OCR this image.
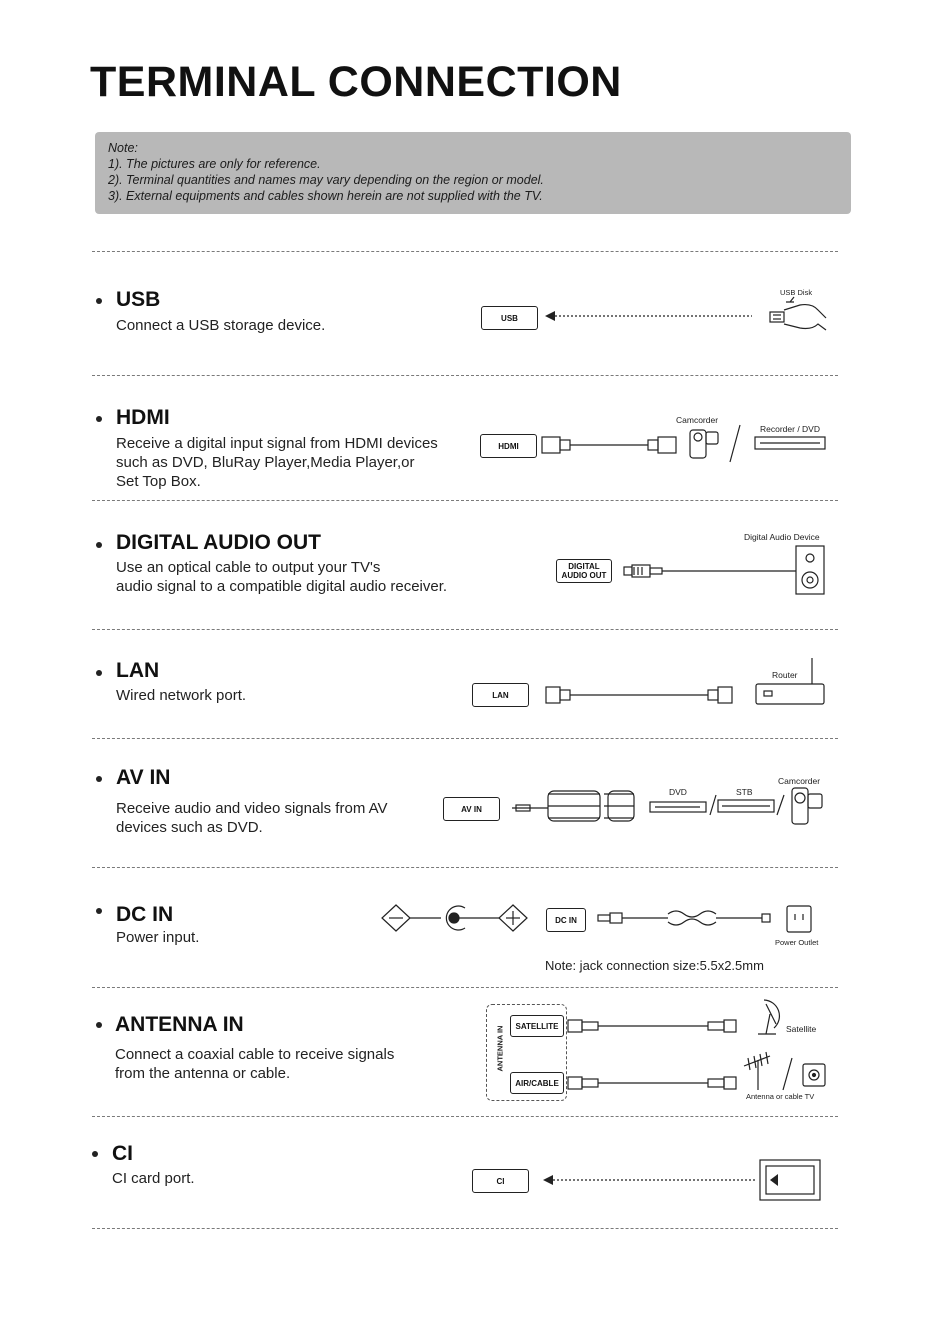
TERMINAL CONNECTION
Note:
1). The pictures are only for reference.
2). Terminal quantities and names may vary depending on the region or model.
3). External equipments and cables shown herein are not supplied with the TV.
USB
Connect a USB storage device.	USB
USB Disk
HDMI
Receive a digital input signal from HDMI devices
such as DVD, BluRay Player,Media Player,or
Set Top Box.
HDMI
Camcorder
Recorder / DVD
DIGITAL AUDIO OUT
Use an optical cable to output your TV's
audio signal to a compatible digital audio receiver.
DIGITAL
AUDIO OUT
Digital Audio Device
LAN
Wired network port.	LAN
Router
AV IN
Receive audio and video signals from AV
devices such as DVD.
AV IN
DVD	STB
Camcorder
DC IN
Power input.
DC IN
Power Outlet
Note: jack connection size:5.5x2.5mm
ANTENNA IN
Connect a coaxial cable to receive signals
from the antenna or cable.
ANTENNA IN	SATELLITE
AIR/CABLE
Satellite
Antenna or cable TV
CI
CI card port.	CI
